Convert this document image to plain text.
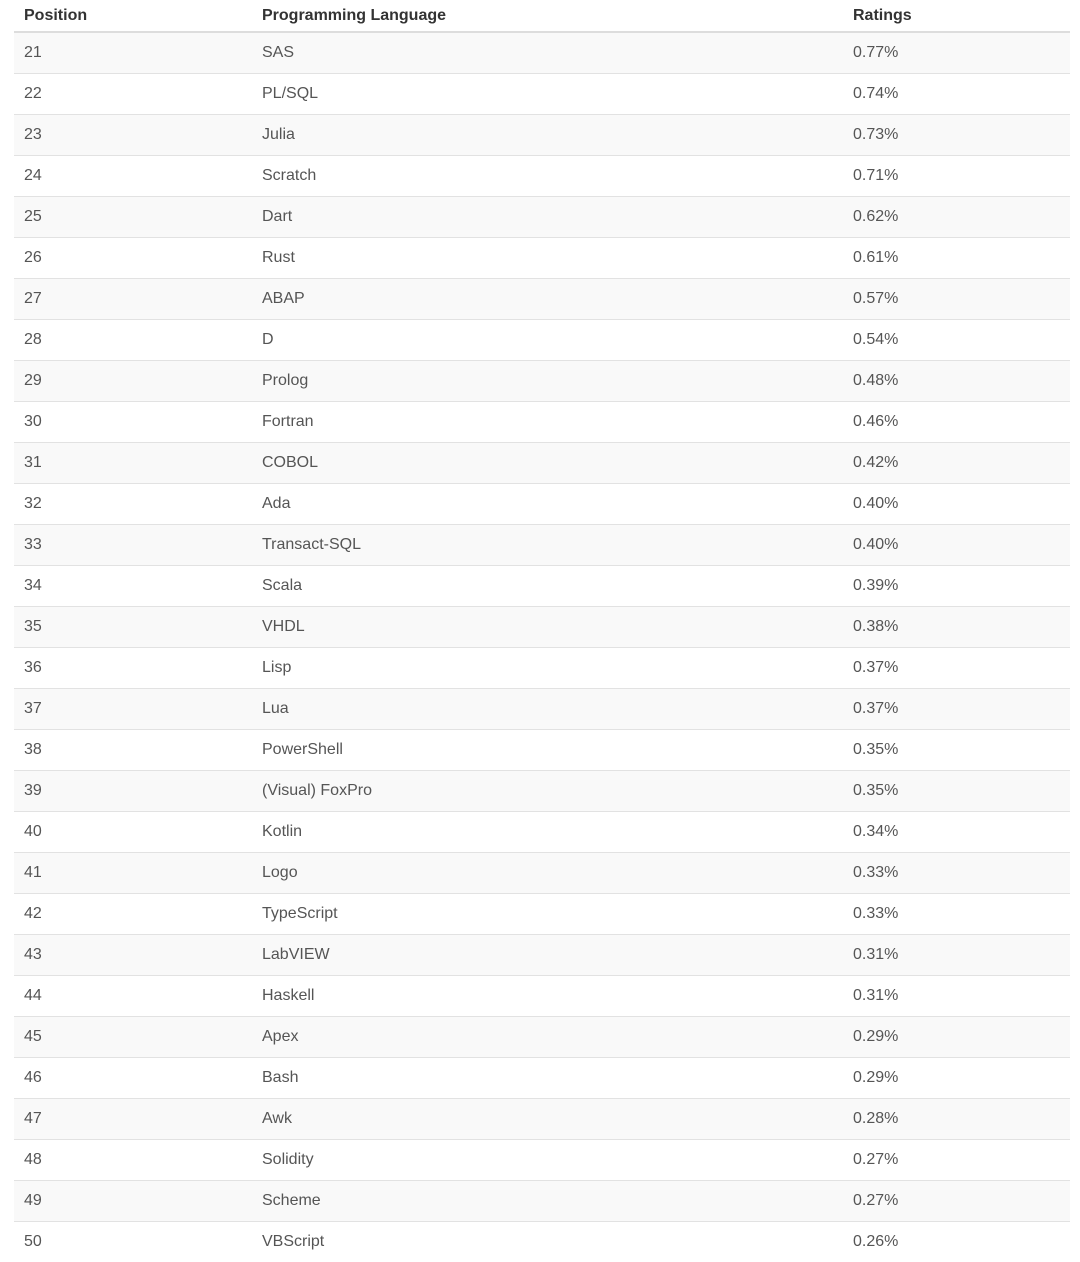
Position	Programming Language	Ratings
21	SAS	0.77%
22	PL/SQL	0.74%
23	Julia	0.73%
24	Scratch	0.71%
25	Dart	0.62%
26	Rust	0.61%
27	ABAP	0.57%
28	D	0.54%
29	Prolog	0.48%
30	Fortran	0.46%
31	COBOL	0.42%
32	Ada	0.40%
33	Transact-SQL	0.40%
34	Scala	0.39%
35	VHDL	0.38%
36	Lisp	0.37%
37	Lua	0.37%
38	PowerShell	0.35%
39	(Visual) FoxPro	0.35%
40	Kotlin	0.34%
41	Logo	0.33%
42	TypeScript	0.33%
43	LabVIEW	0.31%
44	Haskell	0.31%
45	Apex	0.29%
46	Bash	0.29%
47	Awk	0.28%
48	Solidity	0.27%
49	Scheme	0.27%
50	VBScript	0.26%
